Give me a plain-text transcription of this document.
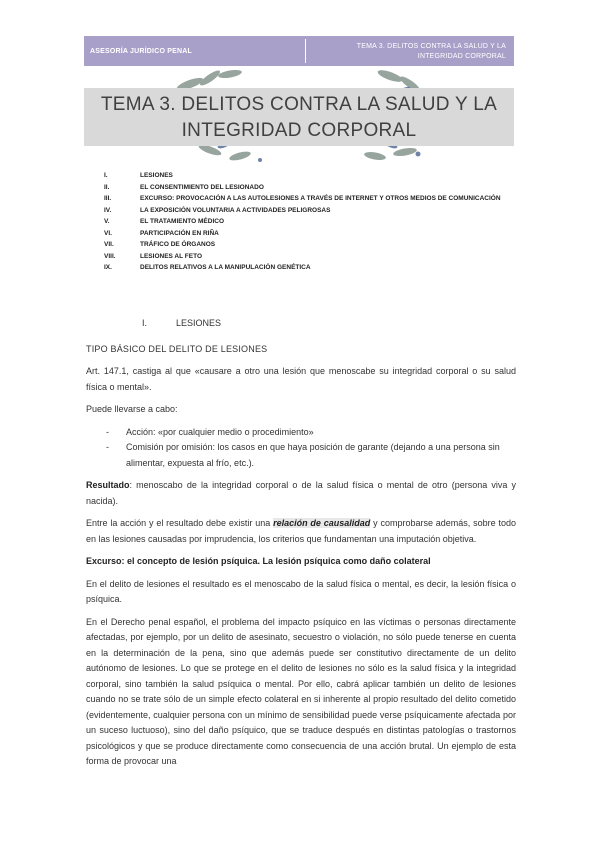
ASESORÍA JURÍDICO PENAL
TEMA 3. DELITOS CONTRA LA SALUD Y LA INTEGRIDAD CORPORAL
TEMA 3. DELITOS CONTRA LA SALUD Y LA
INTEGRIDAD CORPORAL
I.	LESIONES
II.	EL CONSENTIMIENTO DEL LESIONADO
III.	EXCURSO: PROVOCACIÓN A LAS AUTOLESIONES A TRAVÉS DE INTERNET Y OTROS MEDIOS DE COMUNICACIÓN
IV.	LA EXPOSICIÓN VOLUNTARIA A ACTIVIDADES PELIGROSAS
V.	EL TRATAMIENTO MÉDICO
VI.	PARTICIPACIÓN EN RIÑA
VII.	TRÁFICO DE ÓRGANOS
VIII.	LESIONES AL FETO
IX.	DELITOS RELATIVOS A LA MANIPULACIÓN GENÉTICA
I.	LESIONES
TIPO BÁSICO DEL DELITO DE LESIONES
Art. 147.1, castiga al que «causare a otro una lesión que menoscabe su integridad corporal o su salud física o mental».
Puede llevarse a cabo:
-	Acción: «por cualquier medio o procedimiento»
-	Comisión por omisión: los casos en que haya posición de garante (dejando a una persona sin alimentar, expuesta al frío, etc.).
Resultado: menoscabo de la integridad corporal o de la salud física o mental de otro (persona viva y nacida).
Entre la acción y el resultado debe existir una relación de causalidad y comprobarse además, sobre todo en las lesiones causadas por imprudencia, los criterios que fundamentan una imputación objetiva.
Excurso: el concepto de lesión psíquica. La lesión psíquica como daño colateral
En el delito de lesiones el resultado es el menoscabo de la salud física o mental, es decir, la lesión física o psíquica.
En el Derecho penal español, el problema del impacto psíquico en las víctimas o personas directamente afectadas, por ejemplo, por un delito de asesinato, secuestro o violación, no sólo puede tenerse en cuenta en la determinación de la pena, sino que además puede ser constitutivo directamente de un delito autónomo de lesiones. Lo que se protege en el delito de lesiones no sólo es la salud física y la integridad corporal, sino también la salud psíquica o mental. Por ello, cabrá aplicar también un delito de lesiones cuando no se trate sólo de un simple efecto colateral en si inherente al propio resultado del delito cometido (evidentemente, cualquier persona con un mínimo de sensibilidad puede verse psíquicamente afectada por un suceso luctuoso), sino del daño psíquico, que se traduce después en distintas patologías o trastornos psicológicos y que se produce directamente como consecuencia de una acción brutal. Un ejemplo de esta forma de provocar una
